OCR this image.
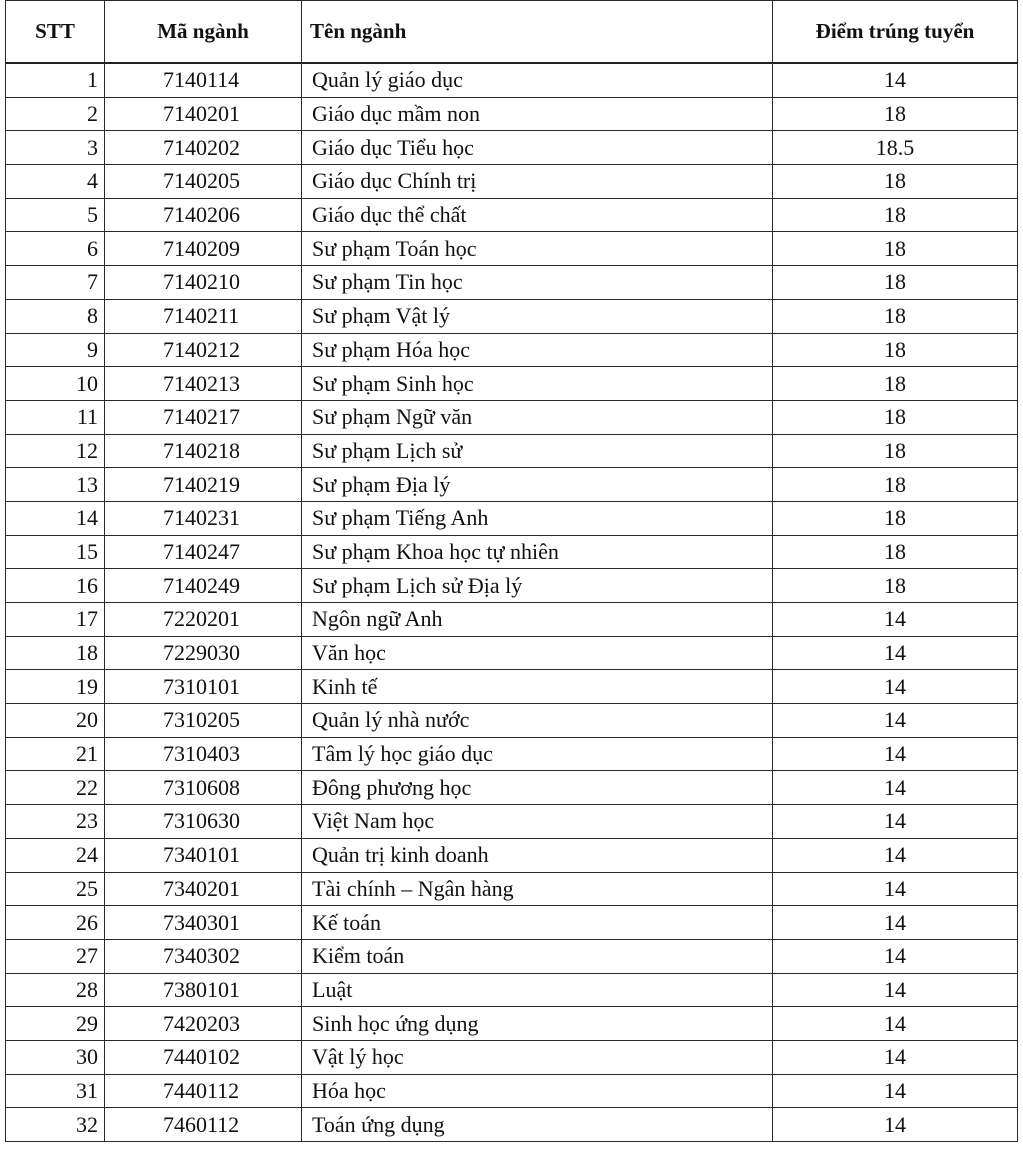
STT	Mã ngành	Tên ngành	Điểm trúng tuyển
1	7140114	Quản lý giáo dục	14
2	7140201	Giáo dục mầm non	18
3	7140202	Giáo dục Tiểu học	18.5
4	7140205	Giáo dục Chính trị	18
5	7140206	Giáo dục thể chất	18
6	7140209	Sư phạm Toán học	18
7	7140210	Sư phạm Tin học	18
8	7140211	Sư phạm Vật lý	18
9	7140212	Sư phạm Hóa học	18
10	7140213	Sư phạm Sinh học	18
11	7140217	Sư phạm Ngữ văn	18
12	7140218	Sư phạm Lịch sử	18
13	7140219	Sư phạm Địa lý	18
14	7140231	Sư phạm Tiếng Anh	18
15	7140247	Sư phạm Khoa học tự nhiên	18
16	7140249	Sư phạm Lịch sử Địa lý	18
17	7220201	Ngôn ngữ Anh	14
18	7229030	Văn học	14
19	7310101	Kinh tế	14
20	7310205	Quản lý nhà nước	14
21	7310403	Tâm lý học giáo dục	14
22	7310608	Đông phương học	14
23	7310630	Việt Nam học	14
24	7340101	Quản trị kinh doanh	14
25	7340201	Tài chính – Ngân hàng	14
26	7340301	Kế toán	14
27	7340302	Kiểm toán	14
28	7380101	Luật	14
29	7420203	Sinh học ứng dụng	14
30	7440102	Vật lý học	14
31	7440112	Hóa học	14
32	7460112	Toán ứng dụng	14
